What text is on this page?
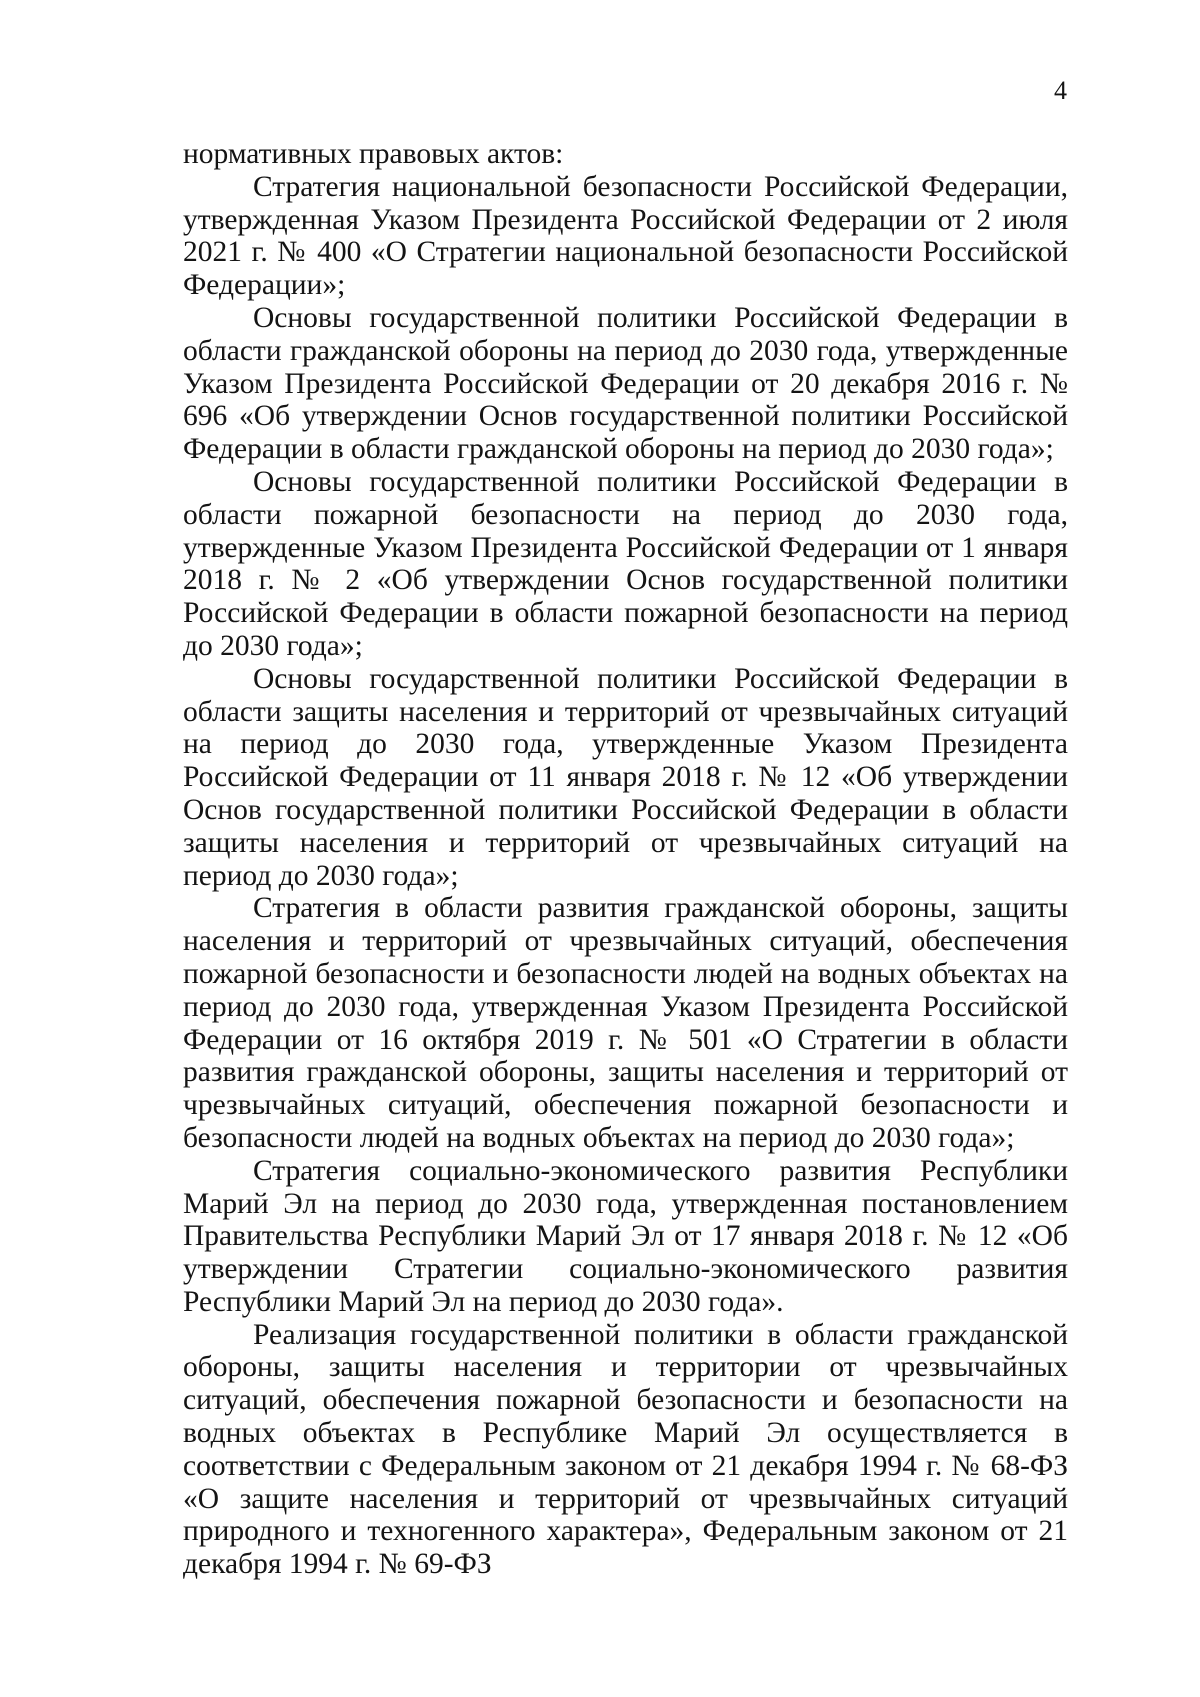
4

нормативных правовых актов:

Стратегия национальной безопасности Российской Федерации, утвержденная Указом Президента Российской Федерации от 2 июля 2021 г. № 400 «О Стратегии национальной безопасности Российской Федерации»;

Основы государственной политики Российской Федерации в области гражданской обороны на период до 2030 года, утвержденные Указом Президента Российской Федерации от 20 декабря 2016 г. № 696 «Об утверждении Основ государственной политики Российской Федерации в области гражданской обороны на период до 2030 года»;

Основы государственной политики Российской Федерации в области пожарной безопасности на период до 2030 года, утвержденные Указом Президента Российской Федерации от 1 января 2018 г. № 2 «Об утверждении Основ государственной политики Российской Федерации в области пожарной безопасности на период до 2030 года»;

Основы государственной политики Российской Федерации в области защиты населения и территорий от чрезвычайных ситуаций на период до 2030 года, утвержденные Указом Президента Российской Федерации от 11 января 2018 г. № 12 «Об утверждении Основ государственной политики Российской Федерации в области защиты населения и территорий от чрезвычайных ситуаций на период до 2030 года»;

Стратегия в области развития гражданской обороны, защиты населения и территорий от чрезвычайных ситуаций, обеспечения пожарной безопасности и безопасности людей на водных объектах на период до 2030 года, утвержденная Указом Президента Российской Федерации от 16 октября 2019 г. № 501 «О Стратегии в области развития гражданской обороны, защиты населения и территорий от чрезвычайных ситуаций, обеспечения пожарной безопасности и безопасности людей на водных объектах на период до 2030 года»;

Стратегия социально-экономического развития Республики Марий Эл на период до 2030 года, утвержденная постановлением Правительства Республики Марий Эл от 17 января 2018 г. № 12 «Об утверждении Стратегии социально-экономического развития Республики Марий Эл на период до 2030 года».

Реализация государственной политики в области гражданской обороны, защиты населения и территории от чрезвычайных ситуаций, обеспечения пожарной безопасности и безопасности на водных объектах в Республике Марий Эл осуществляется в соответствии с Федеральным законом от 21 декабря 1994 г. № 68-ФЗ «О защите населения и территорий от чрезвычайных ситуаций природного и техногенного характера», Федеральным законом от 21 декабря 1994 г. № 69-ФЗ
